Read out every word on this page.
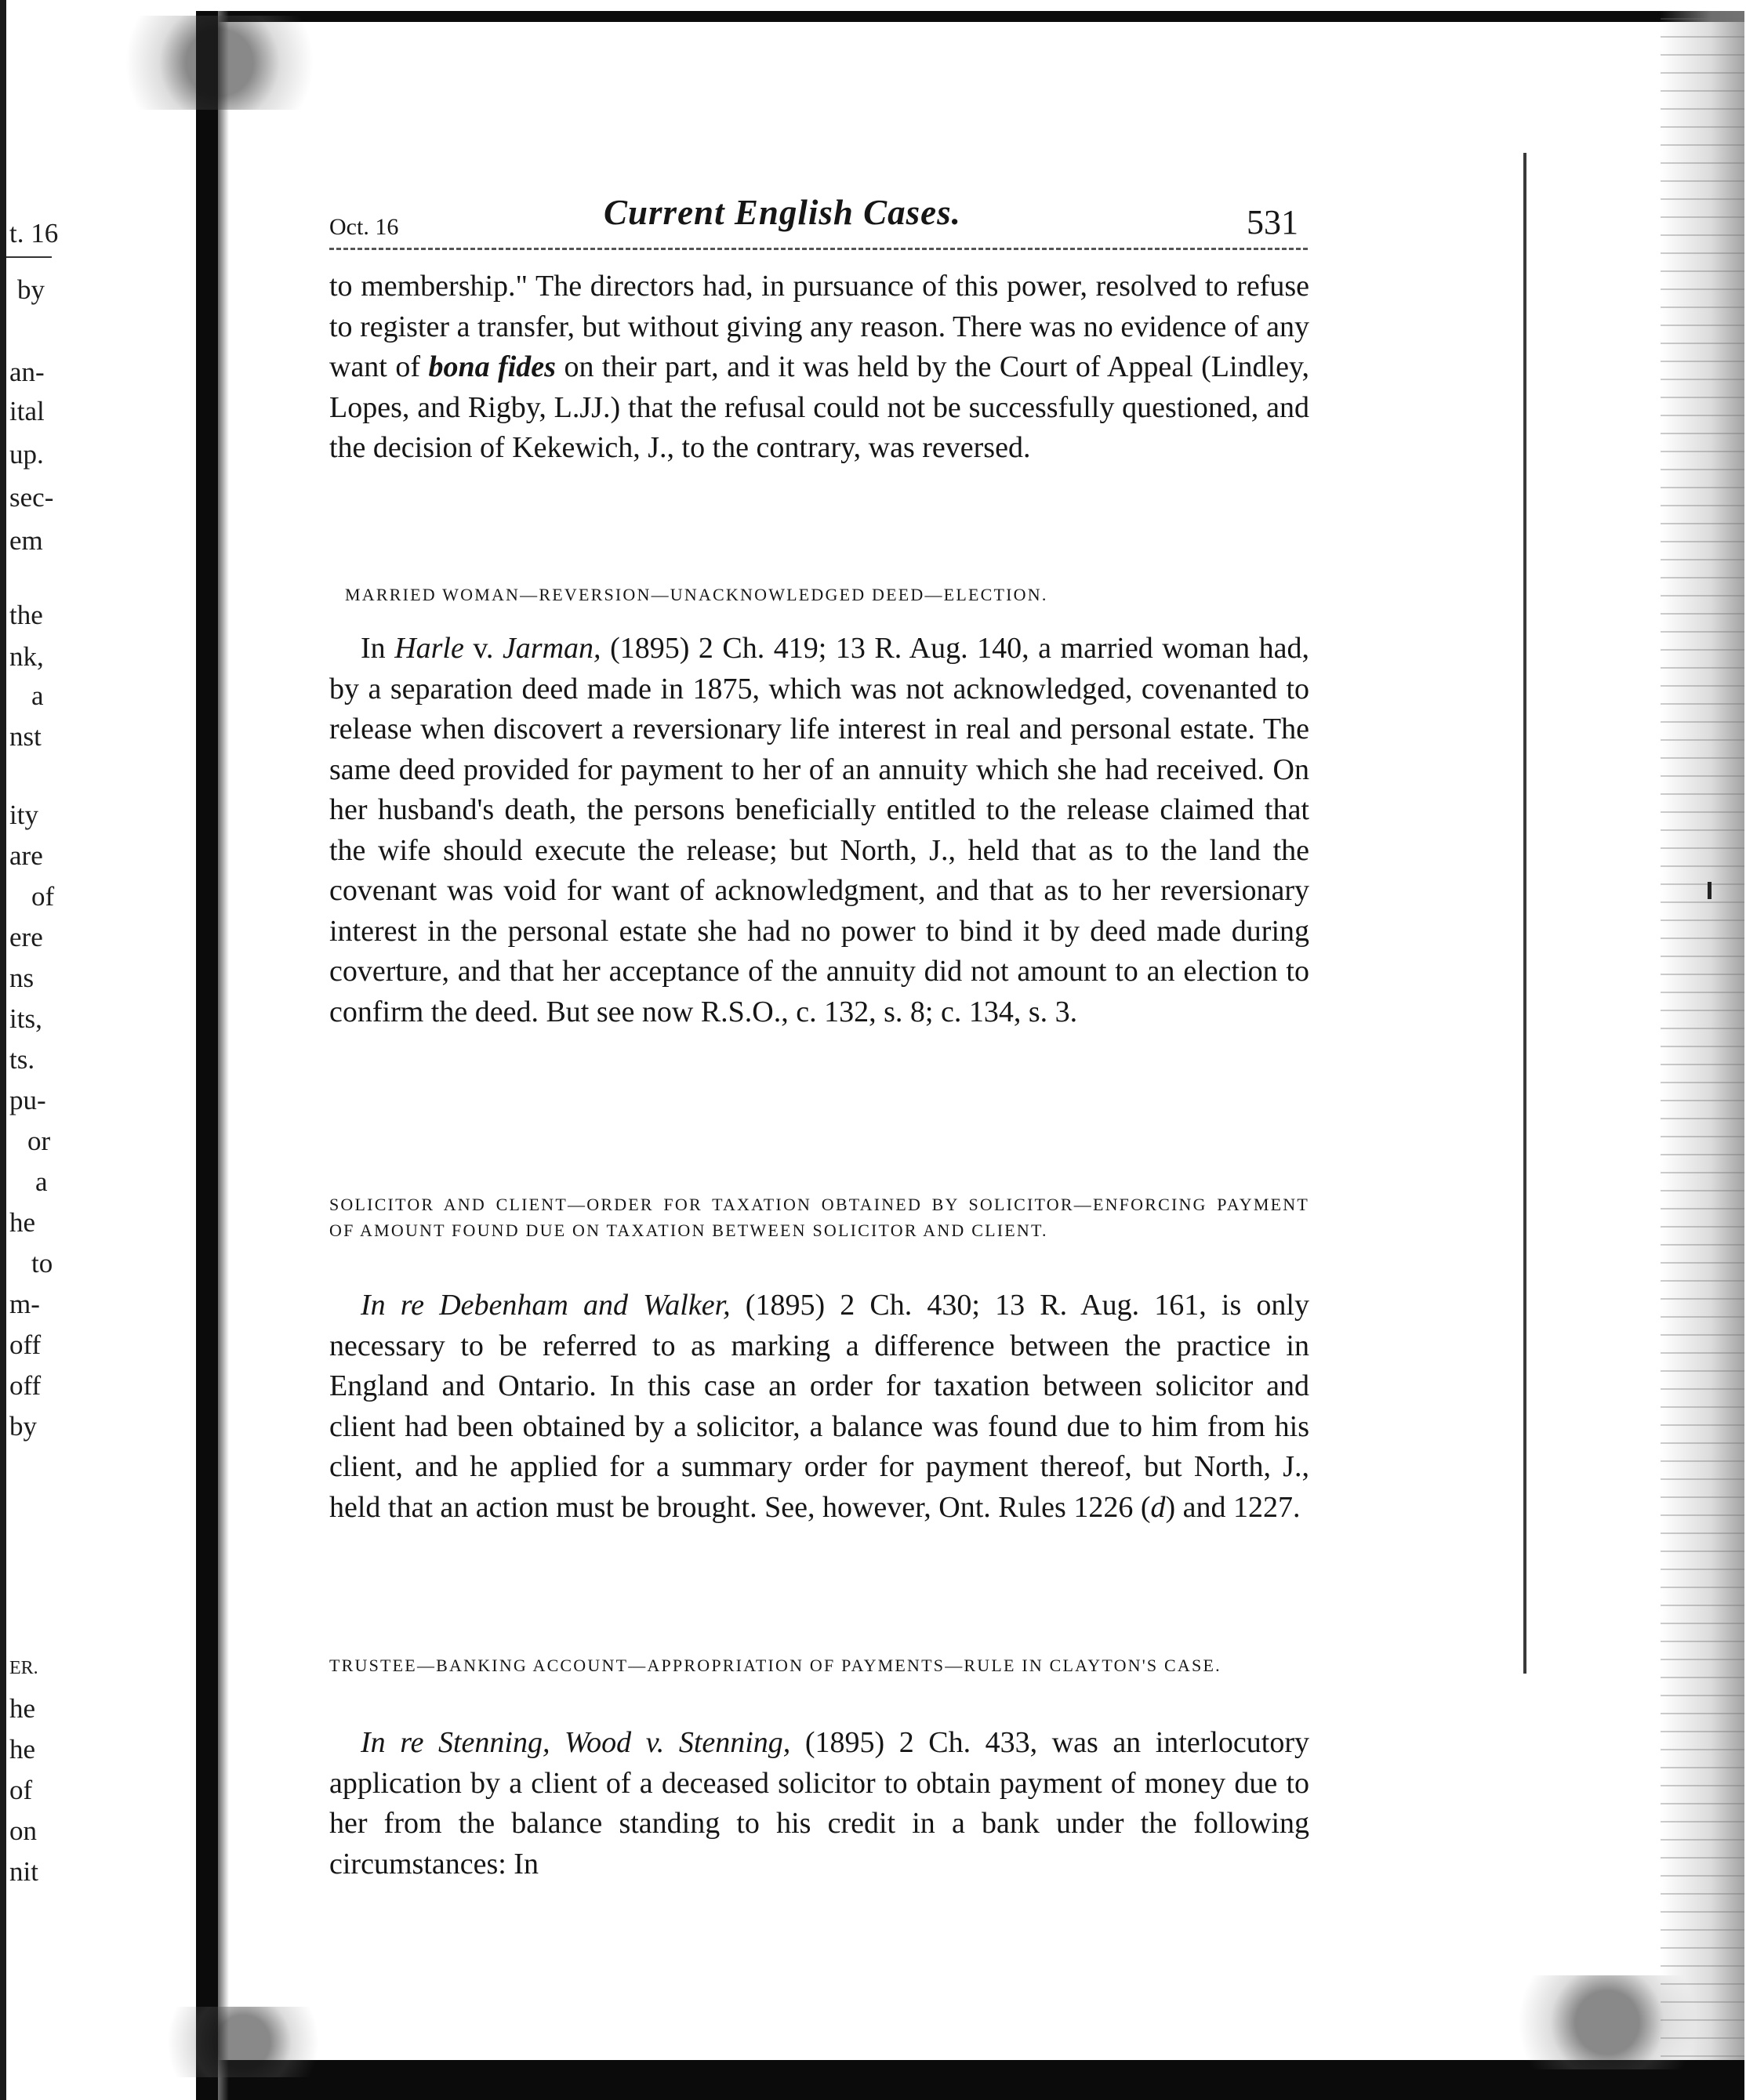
t. 16
by
an-
ital
up.
sec-
em
the
nk,
a
nst
ity
are
of
ere
ns
its,
ts.
pu-
or
a
he
to
m-
off
off
by
ER.
he
he
of
on
nit
Oct. 16	Current English Cases.	531

to membership." The directors had, in pursuance of this power, resolved to refuse to register a transfer, but without giving any reason. There was no evidence of any want of bona fides on their part, and it was held by the Court of Appeal (Lindley, Lopes, and Rigby, L.JJ.) that the refusal could not be successfully questioned, and the decision of Kekewich, J., to the contrary, was reversed.

MARRIED WOMAN—REVERSION—UNACKNOWLEDGED DEED—ELECTION.

In Harle v. Jarman, (1895) 2 Ch. 419; 13 R. Aug. 140, a married woman had, by a separation deed made in 1875, which was not acknowledged, covenanted to release when discovert a reversionary life interest in real and personal estate. The same deed provided for payment to her of an annuity which she had received. On her husband's death, the persons beneficially entitled to the release claimed that the wife should execute the release; but North, J., held that as to the land the covenant was void for want of acknowledgment, and that as to her reversionary interest in the personal estate she had no power to bind it by deed made during coverture, and that her acceptance of the annuity did not amount to an election to confirm the deed. But see now R.S.O., c. 132, s. 8; c. 134, s. 3.

SOLICITOR AND CLIENT—ORDER FOR TAXATION OBTAINED BY SOLICITOR—ENFORCING PAYMENT OF AMOUNT FOUND DUE ON TAXATION BETWEEN SOLICITOR AND CLIENT.

In re Debenham and Walker, (1895) 2 Ch. 430; 13 R. Aug. 161, is only necessary to be referred to as marking a difference between the practice in England and Ontario. In this case an order for taxation between solicitor and client had been obtained by a solicitor, a balance was found due to him from his client, and he applied for a summary order for payment thereof, but North, J., held that an action must be brought. See, however, Ont. Rules 1226 (d) and 1227.

TRUSTEE—BANKING ACCOUNT—APPROPRIATION OF PAYMENTS—RULE IN CLAYTON'S CASE.

In re Stenning, Wood v. Stenning, (1895) 2 Ch. 433, was an interlocutory application by a client of a deceased solicitor to obtain payment of money due to her from the balance standing to his credit in a bank under the following circumstances: In
